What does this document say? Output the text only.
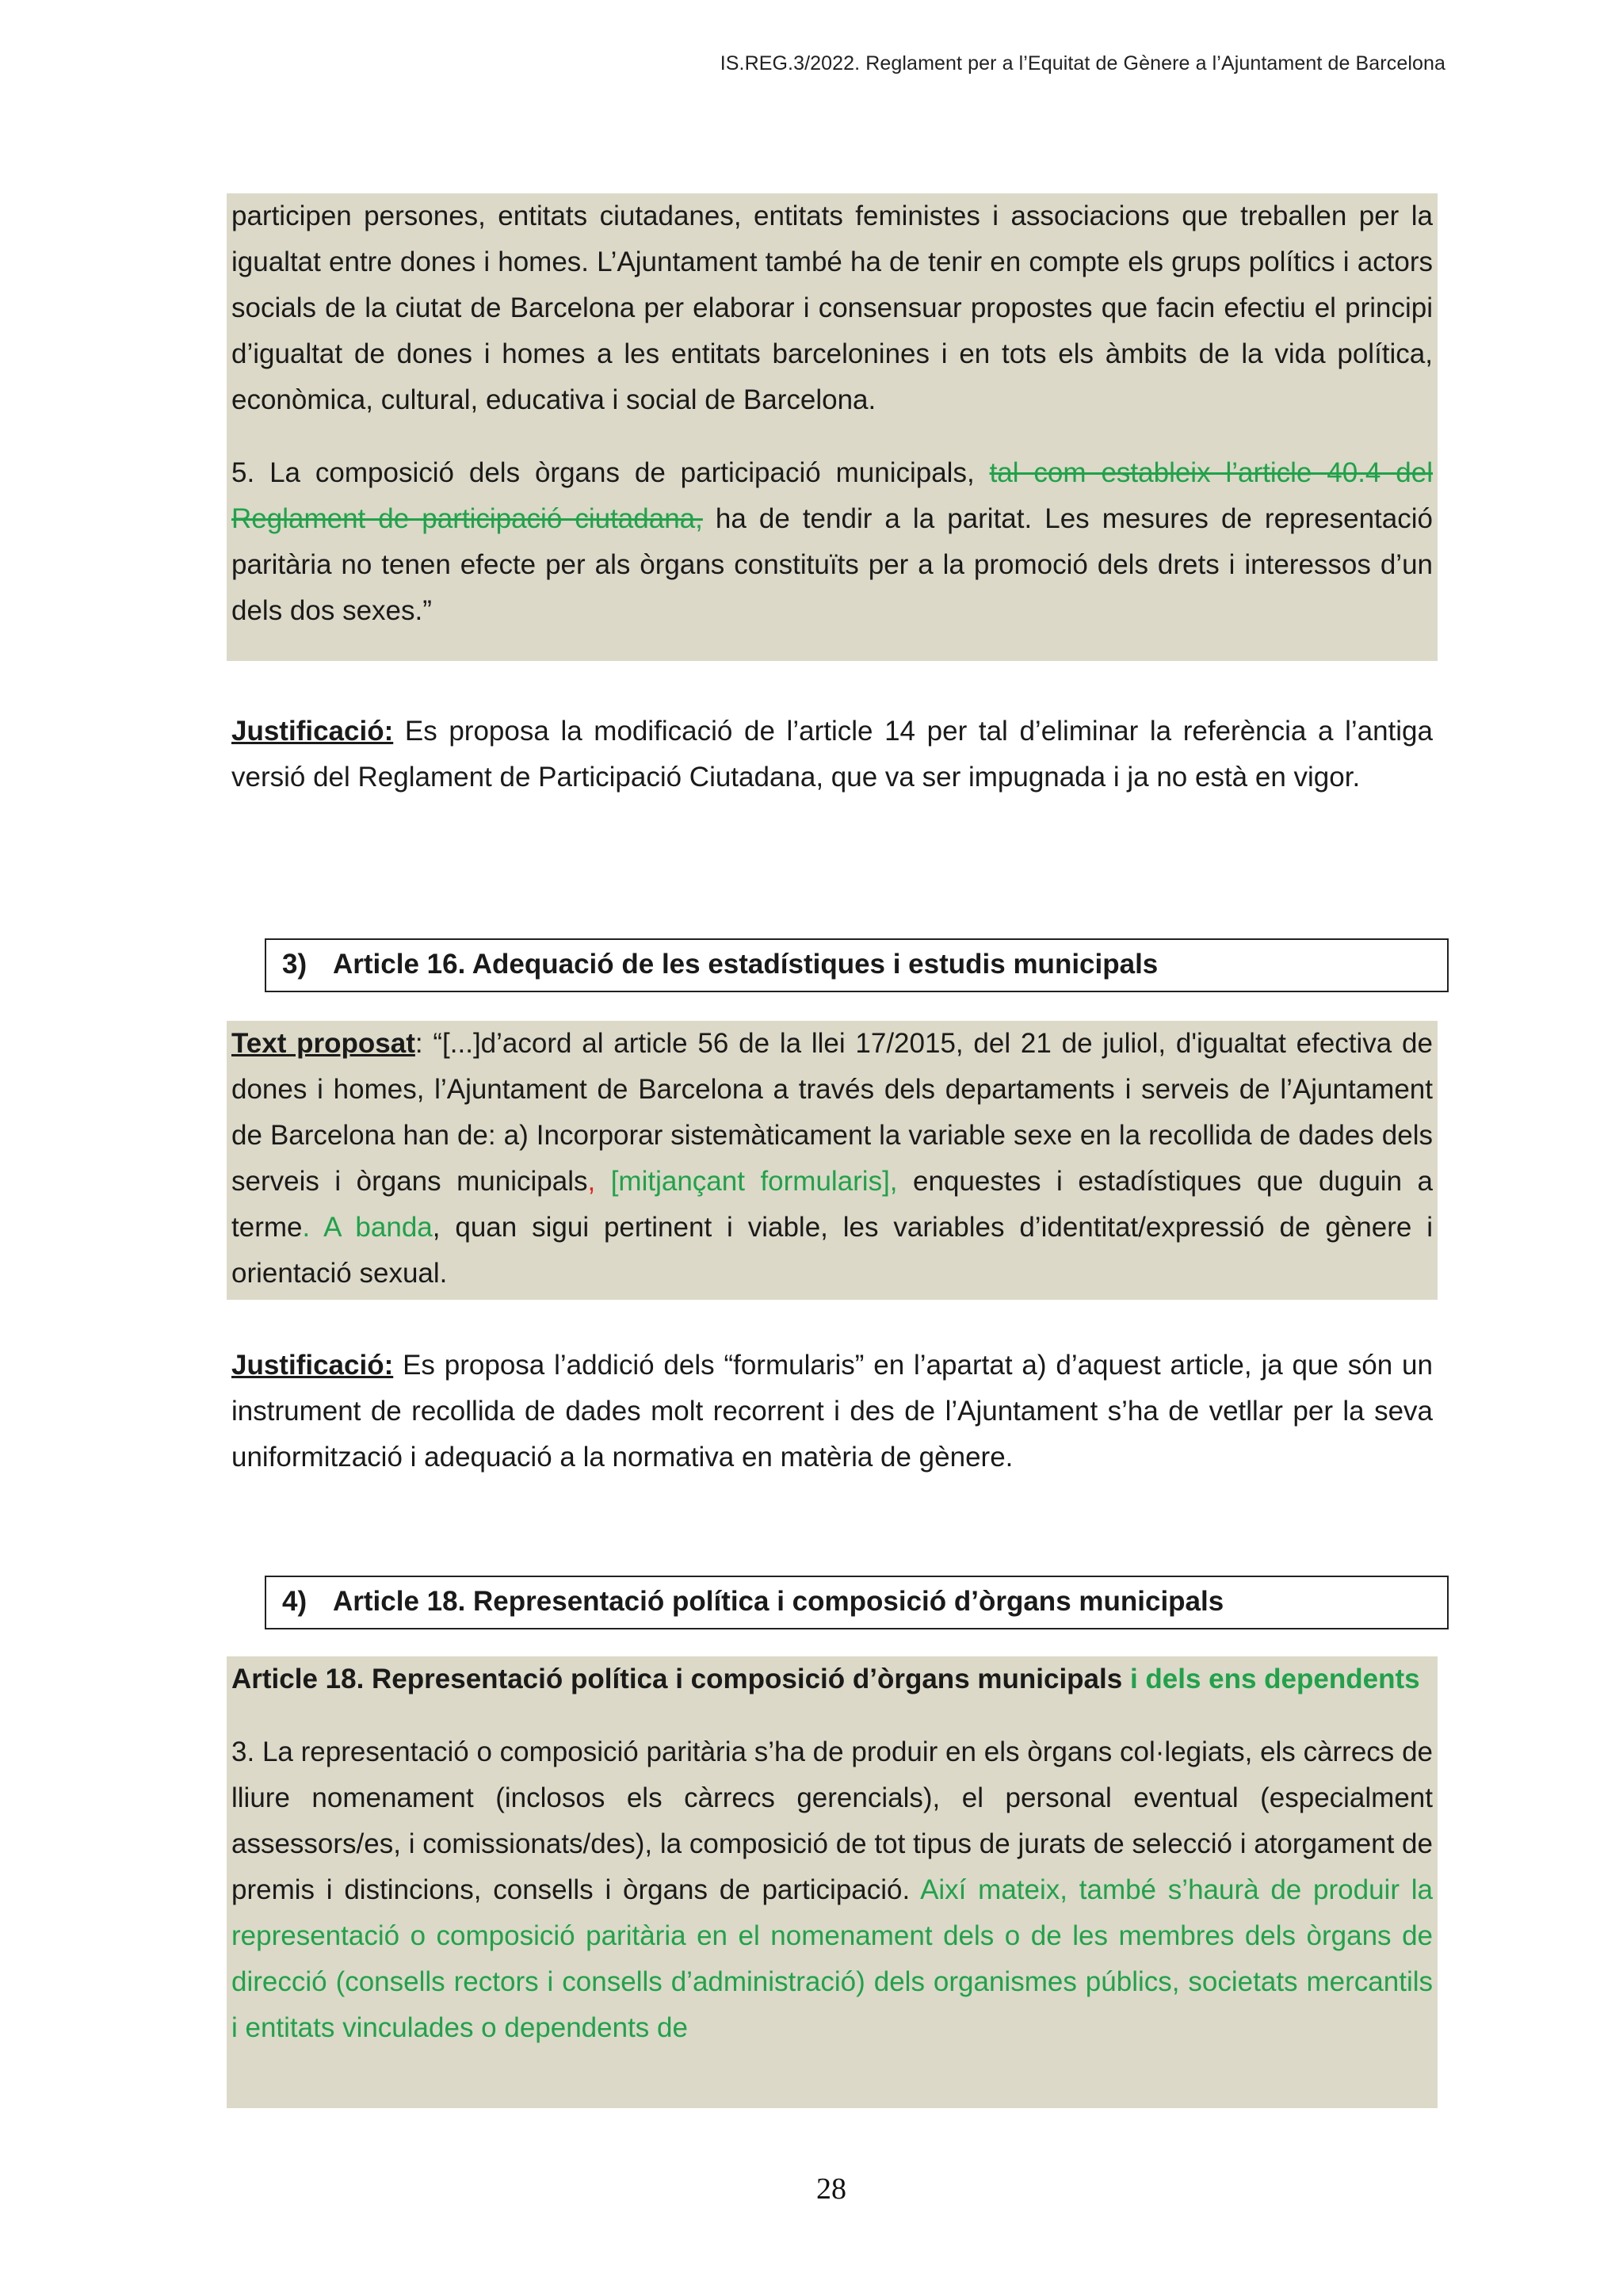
IS.REG.3/2022. Reglament per a l’Equitat de Gènere a l’Ajuntament de Barcelona

participen persones, entitats ciutadanes, entitats feministes i associacions que treballen per la igualtat entre dones i homes. L’Ajuntament també ha de tenir en compte els grups polítics i actors socials de la ciutat de Barcelona per elaborar i consensuar propostes que facin efectiu el principi d’igualtat de dones i homes a les entitats barcelonines i en tots els àmbits de la vida política, econòmica, cultural, educativa i social de Barcelona.

5. La composició dels òrgans de participació municipals, tal com estableix l’article 40.4 del Reglament de participació ciutadana, ha de tendir a la paritat. Les mesures de representació paritària no tenen efecte per als òrgans constituïts per a la promoció dels drets i interessos d’un dels dos sexes.”

Justificació: Es proposa la modificació de l’article 14 per tal d’eliminar la referència a l’antiga versió del Reglament de Participació Ciutadana, que va ser impugnada i ja no està en vigor.

3) Article 16. Adequació de les estadístiques i estudis municipals

Text proposat: “[...]d’acord al article 56 de la llei 17/2015, del 21 de juliol, d'igualtat efectiva de dones i homes, l’Ajuntament de Barcelona a través dels departaments i serveis de l’Ajuntament de Barcelona han de: a) Incorporar sistemàticament la variable sexe en la recollida de dades dels serveis i òrgans municipals, [mitjançant formularis], enquestes i estadístiques que duguin a terme. A banda, quan sigui pertinent i viable, les variables d’identitat/expressió de gènere i orientació sexual.

Justificació: Es proposa l’addició dels “formularis” en l’apartat a) d’aquest article, ja que són un instrument de recollida de dades molt recorrent i des de l’Ajuntament s’ha de vetllar per la seva uniformització i adequació a la normativa en matèria de gènere.

4) Article 18. Representació política i composició d’òrgans municipals

Article 18. Representació política i composició d’òrgans municipals i dels ens dependents

3. La representació o composició paritària s’ha de produir en els òrgans col·legiats, els càrrecs de lliure nomenament (inclosos els càrrecs gerencials), el personal eventual (especialment assessors/es, i comissionats/des), la composició de tot tipus de jurats de selecció i atorgament de premis i distincions, consells i òrgans de participació. Així mateix, també s’haurà de produir la representació o composició paritària en el nomenament dels o de les membres dels òrgans de direcció (consells rectors i consells d’administració) dels organismes públics, societats mercantils i entitats vinculades o dependents de

28
